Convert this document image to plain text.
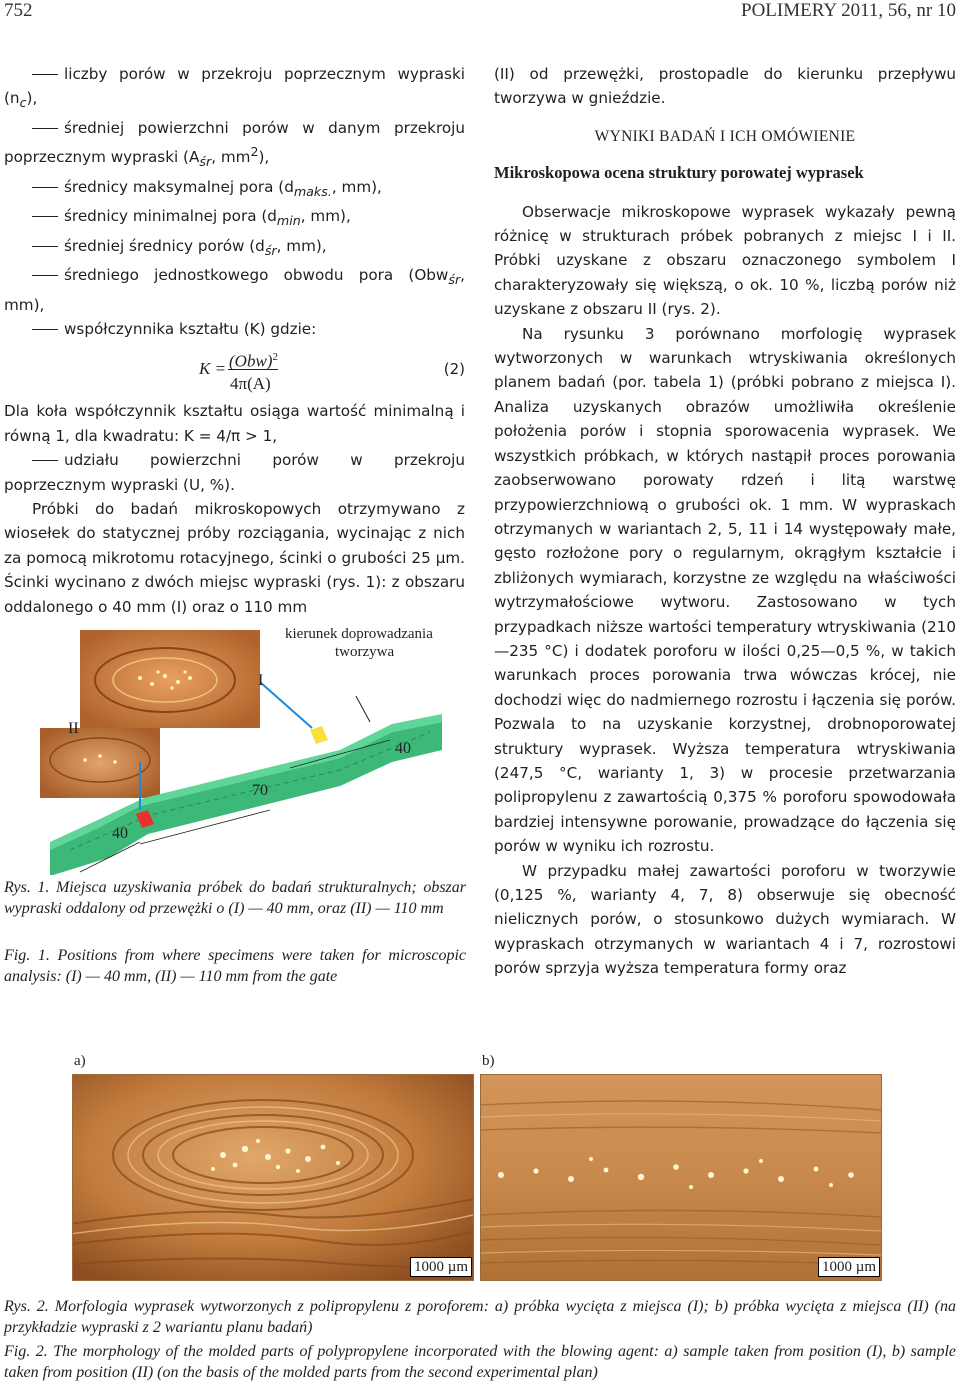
752	POLIMERY 2011, 56, nr 10

liczby porów w przekroju poprzecznym wypraski $(n_c)$,

średniej powierzchni porów w danym przekroju poprzecznym wypraski ($A_{śr}$, $mm^2$),

średnicy maksymalnej pora ($d_{maks.}$, mm),

średnicy minimalnej pora ($d_{min}$, mm),

średniej średnicy porów ($d_{śr}$, mm),

średniego jednostkowego obwodu pora (Obw$_{śr}$, mm),

współczynnika kształtu (K) gdzie:

K = (Obw)$^2$
4π(A)
(2)

Dla koła współczynnik kształtu osiąga wartość minimalną i równą 1, dla kwadratu: K = 4/π > 1,

udziału powierzchni porów w przekroju poprzecznym wypraski (U, %).

Próbki do badań mikroskopowych otrzymywano z wiosełek do statycznej próby rozciągania, wycinając z nich za pomocą mikrotomu rotacyjnego, ścinki o grubości 25 µm. Ścinki wycinano z dwóch miejsc wypraski (rys. 1): z obszaru oddalonego o 40 mm (I) oraz o 110 mm

I
II
kierunek doprowadzania
tworzywa
40
70
40
Rys. 1. Miejsca uzyskiwania próbek do badań strukturalnych; obszar wypraski oddalony od przewężki o (I) — 40 mm, oraz (II) — 110 mm
Fig. 1. Positions from where specimens were taken for microscopic analysis: (I) — 40 mm, (II) — 110 mm from the gate

(II) od przewężki, prostopadle do kierunku przepływu tworzywa w gnieździe.

WYNIKI BADAŃ I ICH OMÓWIENIE
Mikroskopowa ocena struktury porowatej wyprasek

Obserwacje mikroskopowe wyprasek wykazały pewną różnicę w strukturach próbek pobranych z miejsc I i II. Próbki uzyskane z obszaru oznaczonego symbolem I charakteryzowały się większą, o ok. 10 %, liczbą porów niż uzyskane z obszaru II (rys. 2).

Na rysunku 3 porównano morfologię wyprasek wytworzonych w warunkach wtryskiwania określonych planem badań (por. tabela 1) (próbki pobrano z miejsca I). Analiza uzyskanych obrazów umożliwiła określenie położenia porów i stopnia sporowacenia wyprasek. We wszystkich próbkach, w których nastąpił proces porowania zaobserwowano porowaty rdzeń i litą warstwę przypowierzchniową o grubości ok. 1 mm. W wypraskach otrzymanych w wariantach 2, 5, 11 i 14 występowały małe, gęsto rozłożone pory o regularnym, okrągłym kształcie i zbliżonych wymiarach, korzystne ze względu na właściwości wytrzymałościowe wytworu. Zastosowano w tych przypadkach niższe wartości temperatury wtryskiwania (210—235 °C) i dodatek poroforu w ilości 0,25—0,5 %, w takich warunkach proces porowania trwa wówczas krócej, nie dochodzi więc do nadmiernego rozrostu i łączenia się porów. Pozwala to na uzyskanie korzystnej, drobnoporowatej struktury wyprasek. Wyższa temperatura wtryskiwania (247,5 °C, warianty 1, 3) w procesie przetwarzania polipropylenu z zawartością 0,375 % poroforu spowodowała bardziej intensywne porowanie, prowadzące do łączenia się porów w wyniku ich rozrostu.

W przypadku małej zawartości poroforu w tworzywie (0,125 %, warianty 4, 7, 8) obserwuje się obecność nielicznych porów, o stosunkowo dużych wymiarach. W wypraskach otrzymanych w wariantach 4 i 7, rozrostowi porów sprzyja wyższa temperatura formy oraz

a)	b)
1000 µm	1000 µm
Rys. 2. Morfologia wyprasek wytworzonych z polipropylenu z poroforem: a) próbka wycięta z miejsca (I); b) próbka wycięta z miejsca (II) (na przykładzie wypraski z 2 wariantu planu badań)
Fig. 2. The morphology of the molded parts of polypropylene incorporated with the blowing agent: a) sample taken from position (I), b) sample taken from position (II) (on the basis of the molded parts from the second experimental plan)
